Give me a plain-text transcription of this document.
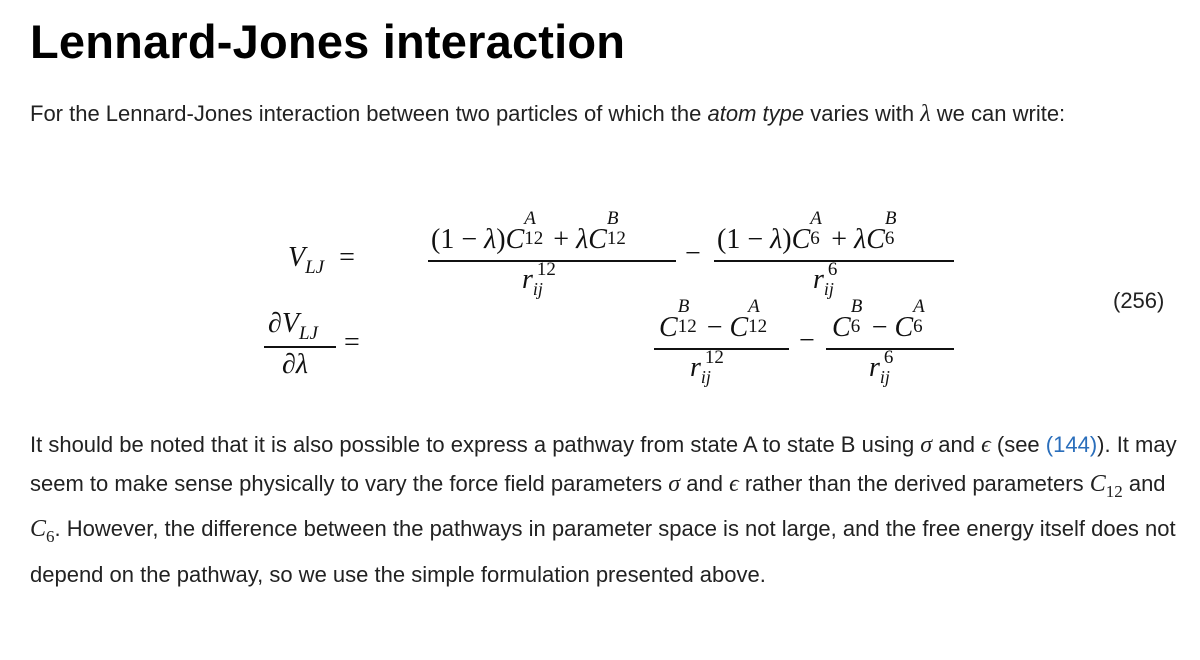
Lennard-Jones interaction

For the Lennard-Jones interaction between two particles of which the atom type varies with λ we can write:

$V_{LJ}$ =
(1 − λ)C
A
12 + λC
B
12
$r_{ij}^{12}$
− (1 − λ)C
A
6 + λC
B
6
$r_{ij}^6$
$\partial V_{LJ}$
∂λ
=	C
B
12 − C
A
12
$r_{ij}^{12}$
− C
B
6 − C
A
6
$r_{ij}^6$
(256)

It should be noted that it is also possible to express a pathway from state A to state B using σ and ϵ (see (144)). It may seem to make sense physically to vary the force field parameters σ and ϵ rather than the derived parameters $C_{12}$ and $C_6$. However, the difference between the pathways in parameter space is not large, and the free energy itself does not depend on the pathway, so we use the simple formulation presented above.
